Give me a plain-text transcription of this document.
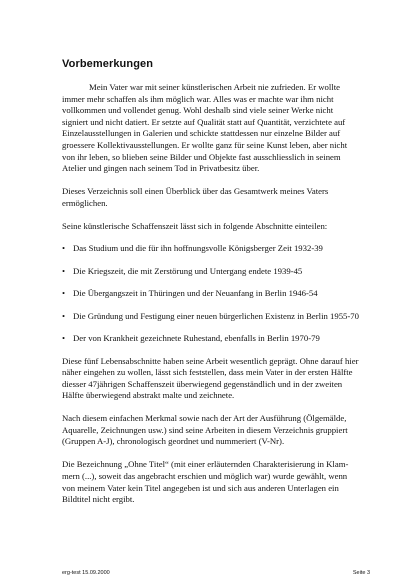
Vorbemerkungen

Mein Vater war mit seiner künstlerischen Arbeit nie zufrieden. Er wollte immer mehr schaffen als ihm möglich war. Alles was er machte war ihm nicht vollkommen und vollendet genug. Wohl deshalb sind viele seiner Werke nicht signiert und nicht datiert. Er setzte auf Qualität statt auf Quantität, verzichtete auf Einzelausstellungen in Galerien und schickte stattdessen nur einzelne Bilder auf groessere Kollektivausstellungen. Er wollte ganz für seine Kunst leben, aber nicht von ihr leben, so blieben seine Bilder und Objekte fast ausschliesslich in seinem Atelier und gingen nach seinem Tod in Privatbesitz über.

Dieses Verzeichnis soll einen Überblick über das Gesamtwerk meines Vaters ermöglichen.

Seine künstlerische Schaffenszeit lässt sich in folgende Abschnitte einteilen:

• Das Studium und die für ihn hoffnungsvolle Königsberger Zeit 1932-39
• Die Kriegszeit, die mit Zerstörung und Untergang endete 1939-45
• Die Übergangszeit in Thüringen und der Neuanfang in Berlin 1946-54
• Die Gründung und Festigung einer neuen bürgerlichen Existenz in Berlin 1955-70
• Der von Krankheit gezeichnete Ruhestand, ebenfalls in Berlin 1970-79

Diese fünf Lebensabschnitte haben seine Arbeit wesentlich geprägt. Ohne darauf hier näher eingehen zu wollen, lässt sich feststellen, dass mein Vater in der ersten Hälfte diesser 47jährigen Schaffenszeit überwiegend gegenständlich und in der zweiten Hälfte überwiegend abstrakt malte und zeichnete.

Nach diesem einfachen Merkmal sowie nach der Art der Ausführung (Ölgemälde, Aquarelle, Zeichnungen usw.) sind seine Arbeiten in diesem Verzeichnis gruppiert (Gruppen A-J), chronologisch geordnet und nummeriert (V-Nr).

Die Bezeichnung „Ohne Titel“ (mit einer erläuternden Charakterisierung in Klam-mern (...), soweit das angebracht erschien und möglich war) wurde gewählt, wenn von meinem Vater kein Titel angegeben ist und sich aus anderen Unterlagen ein Bildtitel nicht ergibt.

erg-test 15.09.2000	Seite 3
